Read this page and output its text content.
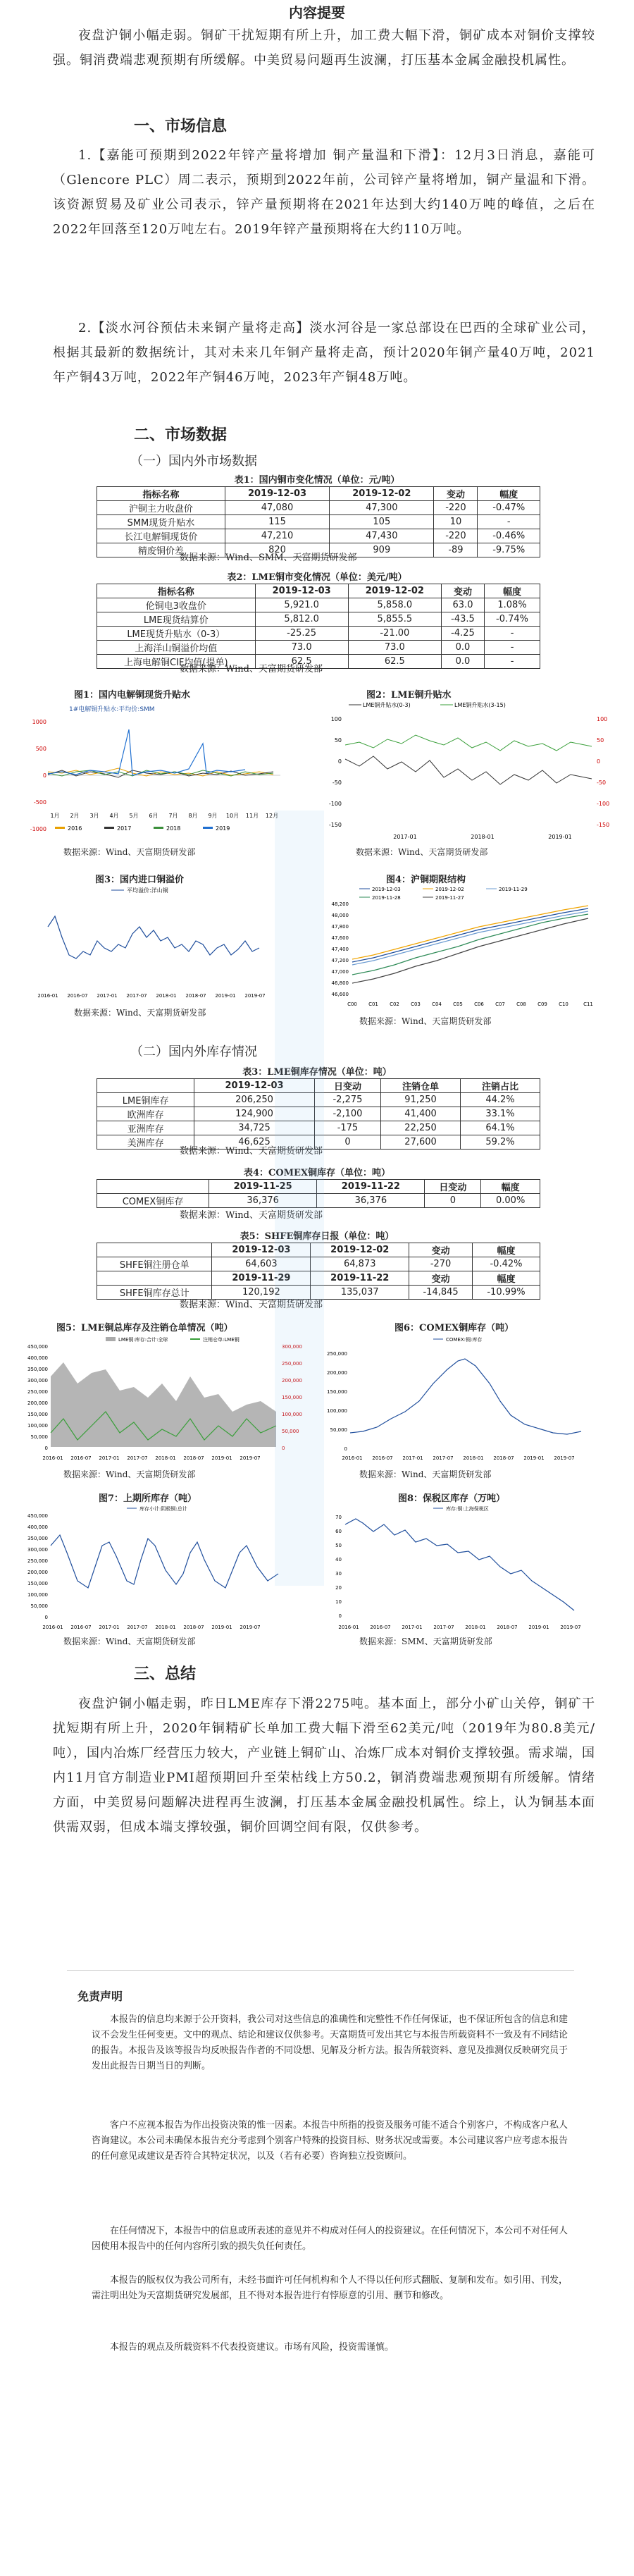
内容提要
夜盘沪铜小幅走弱。铜矿干扰短期有所上升，加工费大幅下滑，铜矿成本对铜价支撑较强。铜消费端悲观预期有所缓解。中美贸易问题再生波澜，打压基本金属金融投机属性。
一、市场信息
1.【嘉能可预期到2022年锌产量将增加 铜产量温和下滑】：12月3日消息，嘉能可（Glencore PLC）周二表示，预期到2022年前，公司锌产量将增加，铜产量温和下滑。该资源贸易及矿业公司表示，锌产量预期将在2021年达到大约140万吨的峰值，之后在2022年回落至120万吨左右。2019年锌产量预期将在大约110万吨。
2.【淡水河谷预估未来铜产量将走高】淡水河谷是一家总部设在巴西的全球矿业公司，根据其最新的数据统计，其对未来几年铜产量将走高，预计2020年铜产量40万吨，2021年产铜43万吨，2022年产铜46万吨，2023年产铜48万吨。
二、市场数据
（一）国内外市场数据
表1：国内铜市变化情况（单位：元/吨）
指标名称	2019-12-03	2019-12-02	变动	幅度
沪铜主力收盘价	47,080	47,300	-220	-0.47%
SMM现货升贴水	115	105	10	-
长江电解铜现货价	47,210	47,430	-220	-0.46%
精废铜价差	820	909	-89	-9.75%
数据来源：Wind、SMM、天富期货研发部
表2：LME铜市变化情况（单位：美元/吨）
指标名称	2019-12-03	2019-12-02	变动	幅度
伦铜电3收盘价	5,921.0	5,858.0	63.0	1.08%
LME现货结算价	5,812.0	5,855.5	-43.5	-0.74%
LME现货升贴水（0-3）	-25.25	-21.00	-4.25	-
上海洋山铜溢价均值	73.0	73.0	0.0	-
上海电解铜CIF均值(提单)	62.5	62.5	0.0	-
数据来源：Wind、天富期货研发部
图1：国内电解铜现货升贴水	图2：LME铜升贴水
1#电解铜升贴水:平均价:SMM
1000
500
0
-500
-1000
1月 2月 3月 4月 5月 6月 7月 8月 9月 10月 11月 12月
2016	2017	2018	2019
数据来源：Wind、天富期货研发部
LME铜升贴水(0-3)	LME铜升贴水(3-15)
100
50
0
-50
-100
-150
100
50
0
-50
-100
-150
2017-01	2018-01	2019-01
数据来源：Wind、天富期货研发部
图3：国内进口铜溢价	图4：沪铜期限结构
平均溢价:洋山铜
2016-01 2016-07 2017-01 2017-07 2018-01 2018-07 2019-01 2019-07
数据来源：Wind、天富期货研发部
2019-12-03	2019-12-02	2019-11-29
2019-11-28	2019-11-27
48,200
48,000
47,800
47,600
47,400
47,200
47,000
46,800
46,600
C00 C01 C02 C03 C04 C05 C06 C07 C08 C09 C10	C11
数据来源：Wind、天富期货研发部
（二）国内外库存情况
表3：LME铜库存情况（单位：吨）
	2019-12-03	日变动	注销仓单	注销占比
LME铜库存	206,250	-2,275	91,250	44.2%
欧洲库存	124,900	-2,100	41,400	33.1%
亚洲库存	34,725	-175	22,250	64.1%
美洲库存	46,625	0	27,600	59.2%
数据来源：Wind、天富期货研发部
表4：COMEX铜库存（单位：吨）
	2019-11-25	2019-11-22	日变动	幅度
COMEX铜库存	36,376	36,376	0	0.00%
数据来源：Wind、天富期货研发部
表5：SHFE铜库存日报（单位：吨）
	2019-12-03	2019-12-02	变动	幅度
SHFE铜注册仓单	64,603	64,873	-270	-0.42%
	2019-11-29	2019-11-22	变动	幅度
SHFE铜库存总计	120,192	135,037	-14,845	-10.99%
数据来源：Wind、天富期货研发部
图5：LME铜总库存及注销仓单情况（吨）	图6：COMEX铜库存（吨）
LME铜:库存:合计:全球	注销仓单:LME铜
450,000
400,000
350,000
300,000
250,000
200,000
150,000
100,000
50,000
0
300,000
250,000
200,000
150,000
100,000
50,000
0
2016-01 2016-07 2017-01 2017-07 2018-01 2018-07 2019-01 2019-07
数据来源：Wind、天富期货研发部
COMEX:铜:库存
250,000
200,000
150,000
100,000
50,000
0
2016-01 2016-07 2017-01 2017-07 2018-01 2018-07 2019-01 2019-07
数据来源：Wind、天富期货研发部
图7：上期所库存（吨）	图8：保税区库存（万吨）
库存小计:阴极铜:总计
450,000
400,000
350,000
300,000
250,000
200,000
150,000
100,000
50,000
0
2016-01 2016-07 2017-01 2017-07 2018-01 2018-07 2019-01 2019-07
数据来源：Wind、天富期货研发部
库存:铜:上海保税区
70
60
50
40
30
20
10
0
2016-01 2016-07 2017-01 2017-07 2018-01 2018-07 2019-01 2019-07
数据来源：SMM、天富期货研发部
三、总结
夜盘沪铜小幅走弱，昨日LME库存下滑2275吨。基本面上，部分小矿山关停，铜矿干扰短期有所上升，2020年铜精矿长单加工费大幅下滑至62美元/吨（2019年为80.8美元/吨），国内冶炼厂经营压力较大，产业链上铜矿山、冶炼厂成本对铜价支撑较强。需求端，国内11月官方制造业PMI超预期回升至荣枯线上方50.2，铜消费端悲观预期有所缓解。情绪方面，中美贸易问题解决进程再生波澜，打压基本金属金融投机属性。综上，认为铜基本面供需双弱，但成本端支撑较强，铜价回调空间有限，仅供参考。
免责声明
本报告的信息均来源于公开资料，我公司对这些信息的准确性和完整性不作任何保证，也不保证所包含的信息和建议不会发生任何变更。文中的观点、结论和建议仅供参考。天富期货可发出其它与本报告所载资料不一致及有不同结论的报告。本报告及该等报告均反映报告作者的不同设想、见解及分析方法。报告所载资料、意见及推测仅反映研究员于发出此报告日期当日的判断。
客户不应视本报告为作出投资决策的惟一因素。本报告中所指的投资及服务可能不适合个别客户，不构成客户私人咨询建议。本公司未确保本报告充分考虑到个别客户特殊的投资目标、财务状况或需要。本公司建议客户应考虑本报告的任何意见或建议是否符合其特定状况，以及（若有必要）咨询独立投资顾问。
在任何情况下，本报告中的信息或所表述的意见并不构成对任何人的投资建议。在任何情况下，本公司不对任何人因使用本报告中的任何内容所引致的损失负任何责任。
本报告的版权仅为我公司所有，未经书面许可任何机构和个人不得以任何形式翻版、复制和发布。如引用、刊发，需注明出处为天富期货研究发展部，且不得对本报告进行有悖原意的引用、删节和修改。
本报告的观点及所载资料不代表投资建议。市场有风险，投资需谨慎。
